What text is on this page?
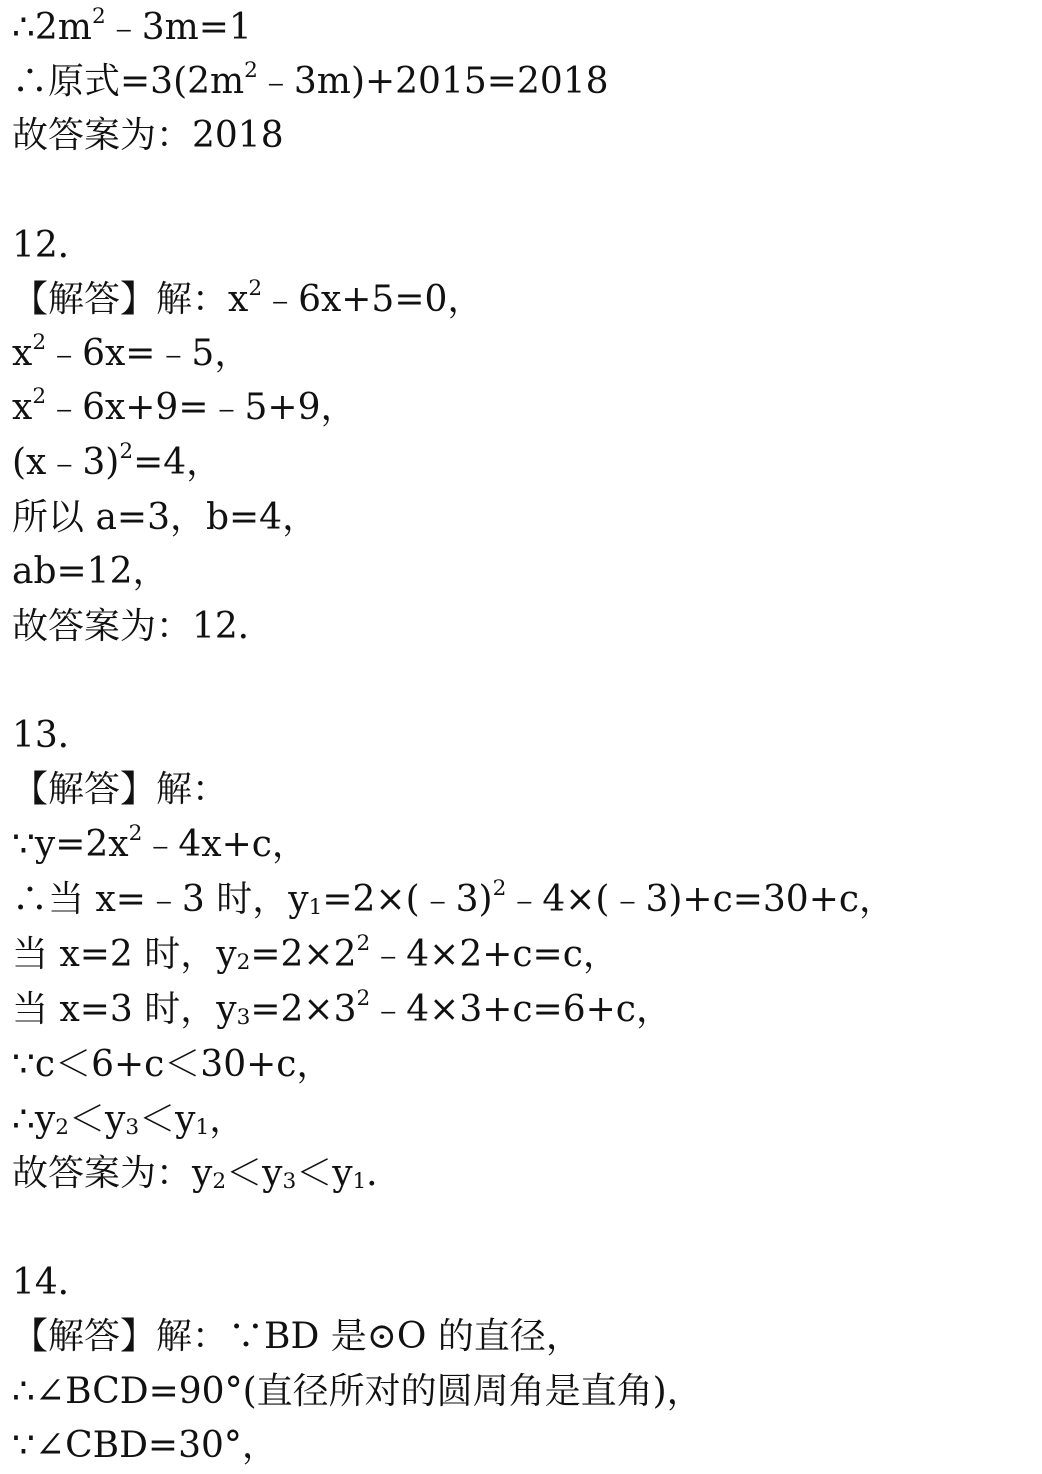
$\therefore 2m^2﹣3m=1$
∴原式$=3(2m^2﹣3m)+2015=2018$
故答案为：2018
12．
【解答】解：$x^2﹣6x+5=0$，
$x^2﹣6x=﹣5$，
$x^2﹣6x+9=﹣5+9$，
(x﹣3)$^2$=4，
所以 a=3，b=4，
ab=12，
故答案为：12．
13．
【解答】解：
$\because y=2x^2﹣4x+c$，
∴当 x=﹣3 时，$y_1=2\times(﹣3)^2﹣4\times(﹣3)+c=30+c$，
当 x=2 时，$y_2=2\times 2^2﹣4\times 2+c=c$，
当 x=3 时，$y_3=2\times 3^2﹣4\times 3+c=6+c$，
∵c＜6+c＜30+c，
$\therefore y_2<y_3<y_1$，
故答案为：$y_2<y_3<y_1$．
14．
【解答】解：∵BD 是⊙O 的直径，
∴∠BCD=90°(直径所对的圆周角是直角)，
∵∠CBD=30°，
